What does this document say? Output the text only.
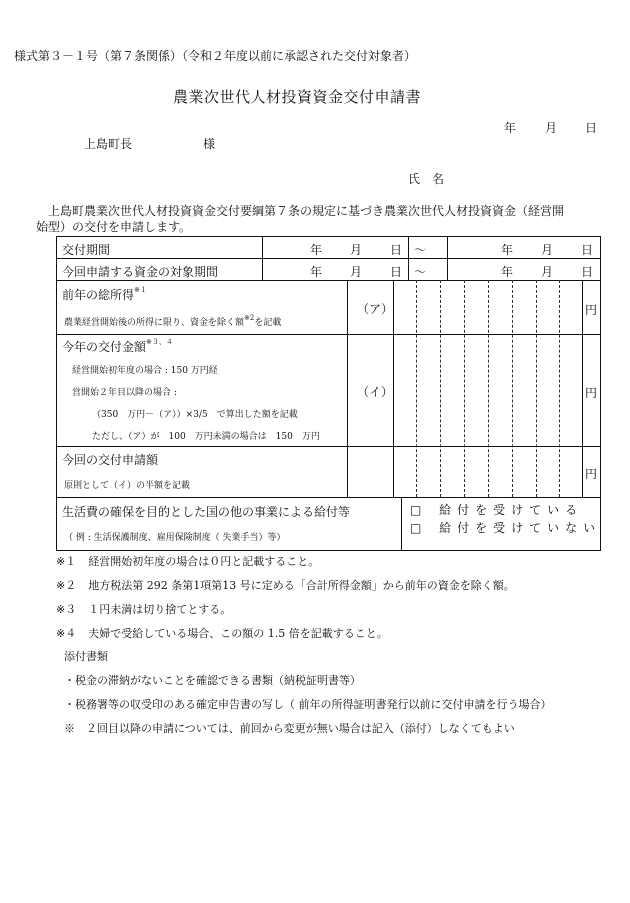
様式第３－１号（第７条関係）（令和２年度以前に承認された交付対象者）
農業次世代人材投資資金交付申請書
年 月 日
上島町長	様
氏　名
上島町農業次世代人材投資資金交付要綱第７条の規定に基づき農業次世代人材投資資金（経営開
始型）の交付を申請します。
交付期間	年 月 日 ～	年 月 日
今回申請する資金の対象期間	年 月 日 ～	年 月 日
前年の総所得$^{※1}$
農業経営開始後の所得に限り、資金を除く額$^{※2}$を記載
（ア）	円
今年の交付金額$^{※3、4}$
経営開始初年度の場合 : 150 万円経
営開始２年目以降の場合 :
（350　万円－（ア））×3/5　で算出した額を記載
ただし、（ア）が　100　万円未満の場合は　150　万円
（イ）	円
今回の交付申請額
原則として（イ）の半額を記載
円
生活費の確保を目的とした国の他の事業による給付等
（ 例 : 生活保護制度、雇用保険制度（ 失業手当）等）
□ 給付を受けている
□ 給付を受けていない
※１ 経営開始初年度の場合は０円と記載すること。
※２ 地方税法第 292 条第1項第13 号に定める「合計所得金額」から前年の資金を除く額。
※３ １円未満は切り捨てとする。
※４ 夫婦で受給している場合、この額の 1.5 倍を記載すること。
添付書類
・税金の滞納がないことを確認できる書類（納税証明書等）
・税務署等の収受印のある確定申告書の写し（ 前年の所得証明書発行以前に交付申請を行う場合）
※　２回目以降の申請については、前回から変更が無い場合は記入（添付）しなくてもよい
